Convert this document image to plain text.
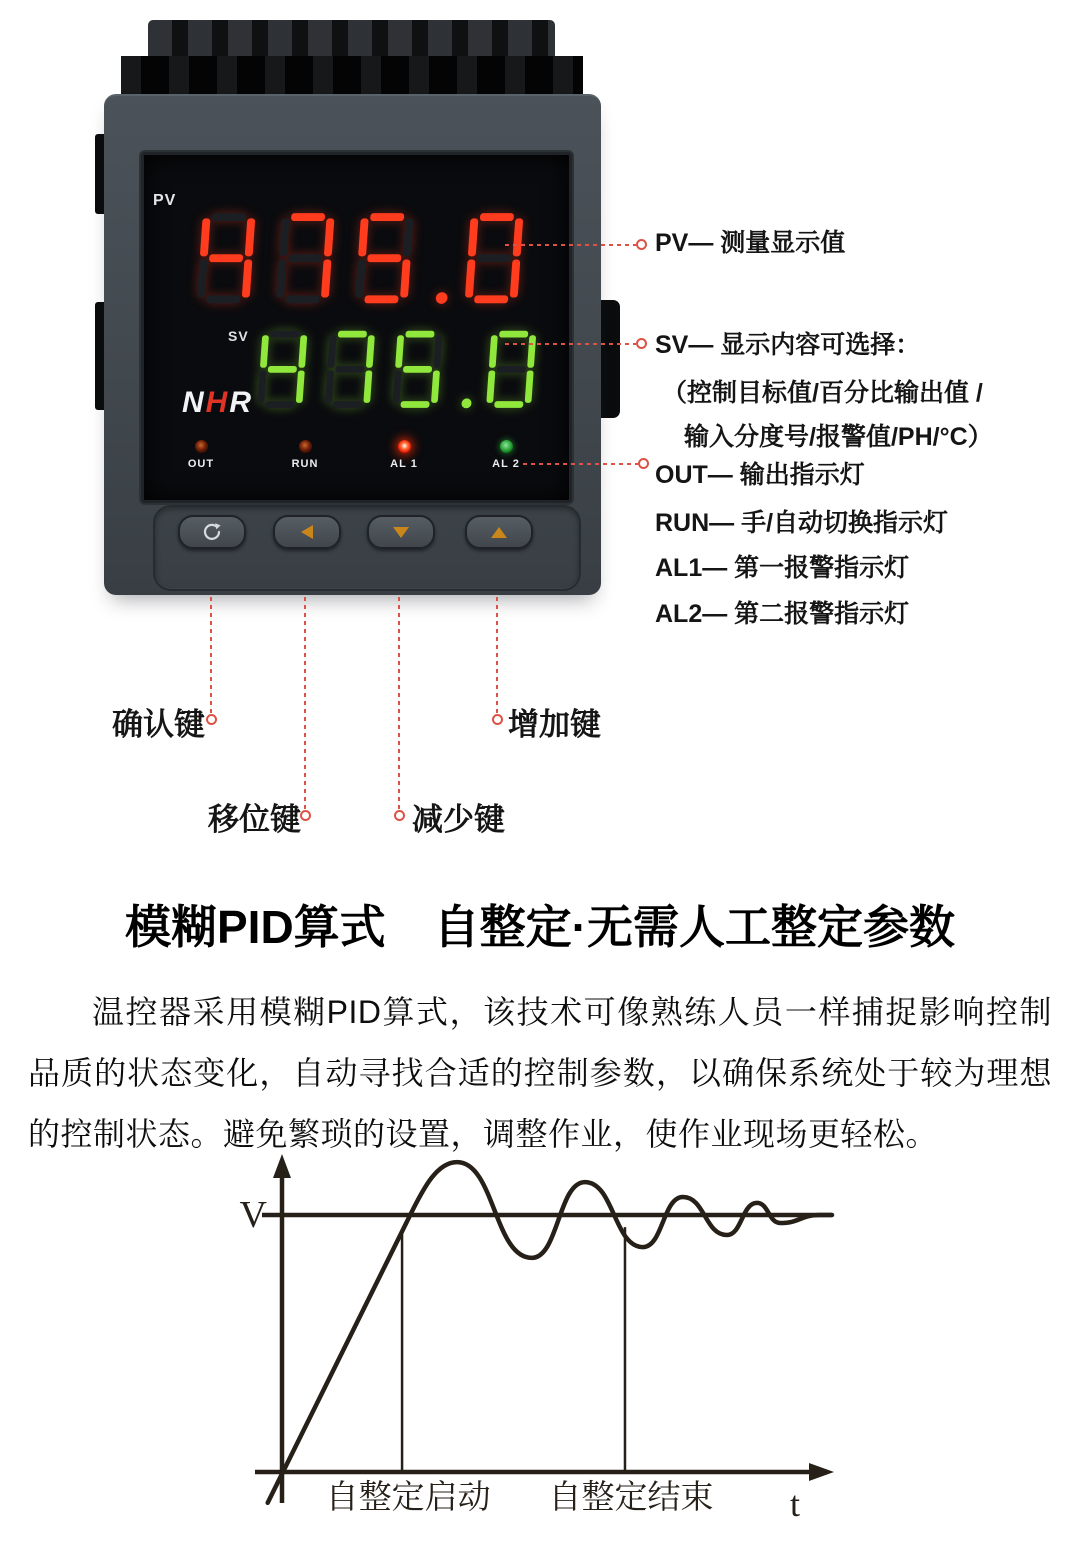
PV
SV
NHR
OUT	RUN	AL 1	AL 2
PV— 测量显示值
SV— 显示内容可选择：
（控制目标值/百分比输出值 /
输入分度号/报警值/PH/°C）
OUT— 输出指示灯
RUN— 手/自动切换指示灯
AL1— 第一报警指示灯
AL2— 第二报警指示灯
确认键	增加键
移位键	减少键
模糊PID算式 自整定·无需人工整定参数
温控器采用模糊PID算式，该技术可像熟练人员一样捕捉影响控制品质的状态变化，自动寻找合适的控制参数，以确保系统处于较为理想的控制状态。避免繁琐的设置，调整作业，使作业现场更轻松。
自整定启动 自整定结束
V
t
